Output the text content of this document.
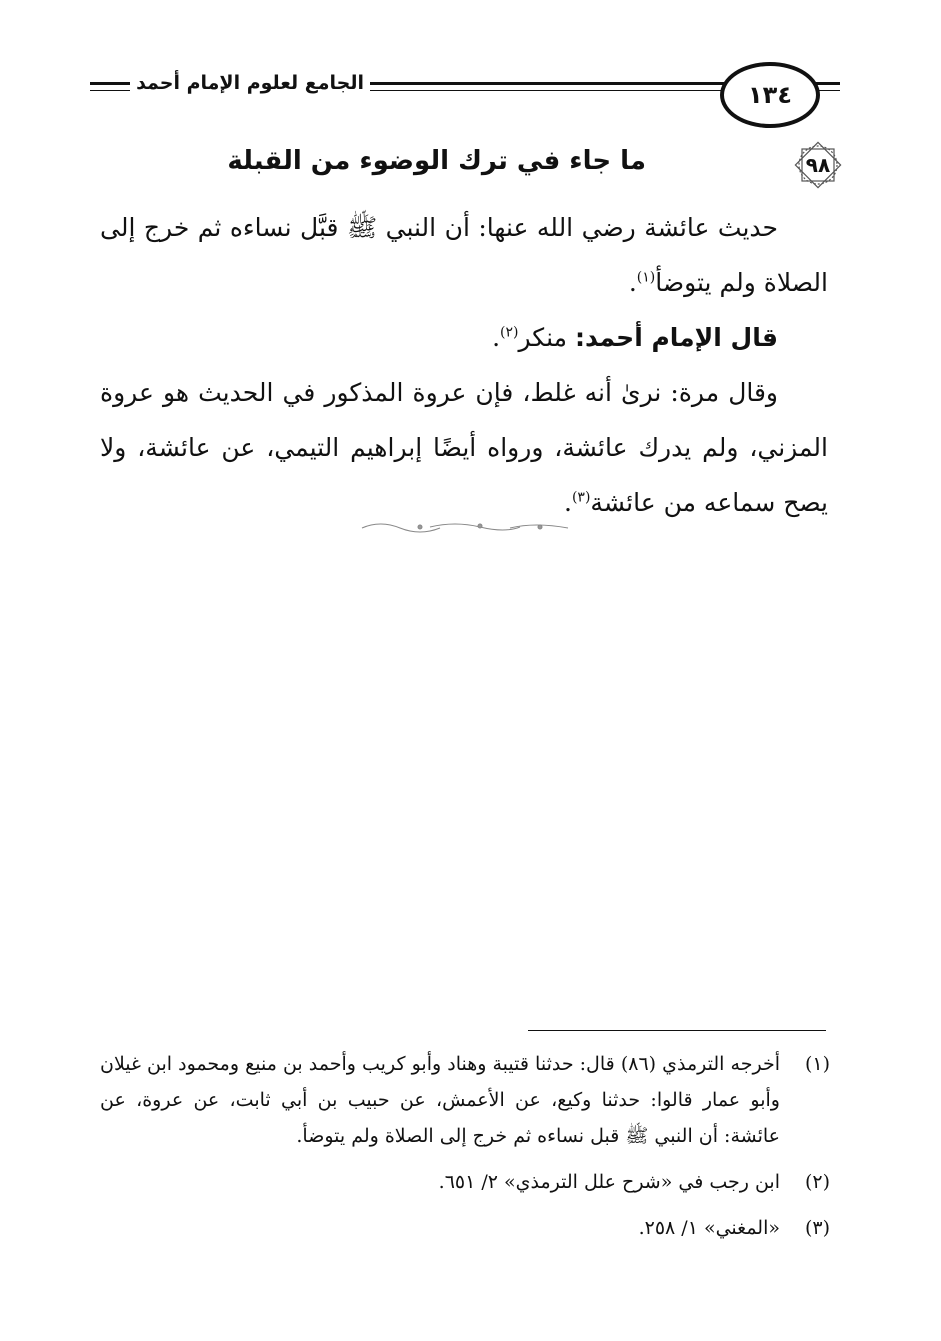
الجامع لعلوم الإمام أحمد	١٣٤
٩٨
ما جاء في ترك الوضوء من القبلة

حديث عائشة رضي الله عنها: أن النبي ﷺ قبَّل نساءه ثم خرج إلى الصلاة ولم يتوضأ$^{(١)}$.

قال الإمام أحمد: منكر$^{(٢)}$.

وقال مرة: نرىٰ أنه غلط، فإن عروة المذكور في الحديث هو عروة المزني، ولم يدرك عائشة، ورواه أيضًا إبراهيم التيمي، عن عائشة، ولا يصح سماعه من عائشة$^{(٣)}$.

(١)
أخرجه الترمذي (٨٦) قال: حدثنا قتيبة وهناد وأبو كريب وأحمد بن منيع ومحمود ابن غيلان وأبو عمار قالوا: حدثنا وكيع، عن الأعمش، عن حبيب بن أبي ثابت، عن عروة، عن عائشة: أن النبي ﷺ قبل نساءه ثم خرج إلى الصلاة ولم يتوضأ.
(٢)
ابن رجب في «شرح علل الترمذي» ٢/ ٦٥١.
(٣)
«المغني» ١/ ٢٥٨.
